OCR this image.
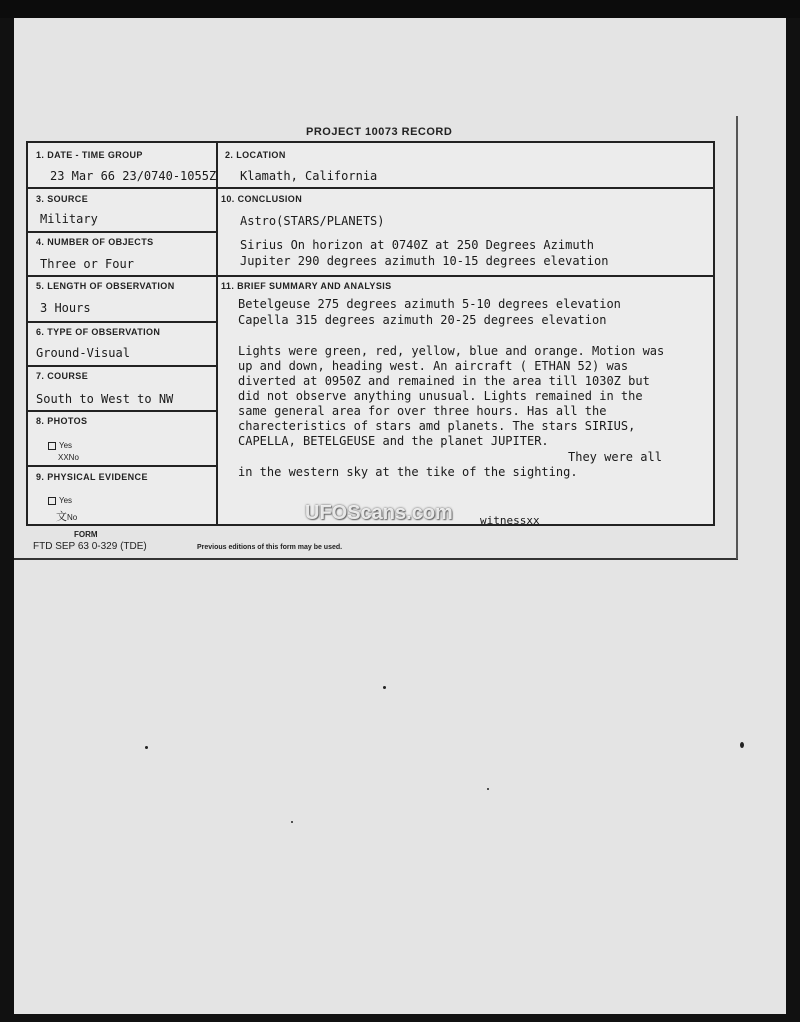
PROJECT 10073 RECORD
1. DATE - TIME GROUP
23 Mar 66 23/0740-1055Z
2. LOCATION
Klamath, California
3. SOURCE
Military
10. CONCLUSION
Astro(STARS/PLANETS)
Sirius On horizon at 0740Z at 250 Degrees Azimuth
Jupiter 290 degrees azimuth 10-15 degrees elevation
4. NUMBER OF OBJECTS
Three or Four
5. LENGTH OF OBSERVATION
3 Hours
11. BRIEF SUMMARY AND ANALYSIS
6. TYPE OF OBSERVATION
Ground-Visual
7. COURSE
South to West to NW
8. PHOTOS
Yes
XXNo
9. PHYSICAL EVIDENCE
Yes
文No
Betelgeuse 275 degrees azimuth 5-10 degrees elevation
Capella 315 degrees azimuth 20-25 degrees elevation
Lights were green, red, yellow, blue and orange. Motion was
up and down, heading west. An aircraft ( ETHAN 52) was
diverted at 0950Z and remained in the area till 1030Z but
did not observe anything unusual. Lights remained in the
same general area for over three hours. Has all the
charecteristics of stars amd planets. The stars SIRIUS,
CAPELLA, BETELGEUSE and the planet JUPITER.
They were all
in the western sky at the tike of the sighting.
witnessxx
UFOScans.com
FORM
FTD SEP 63 0-329 (TDE)	Previous editions of this form may be used.
